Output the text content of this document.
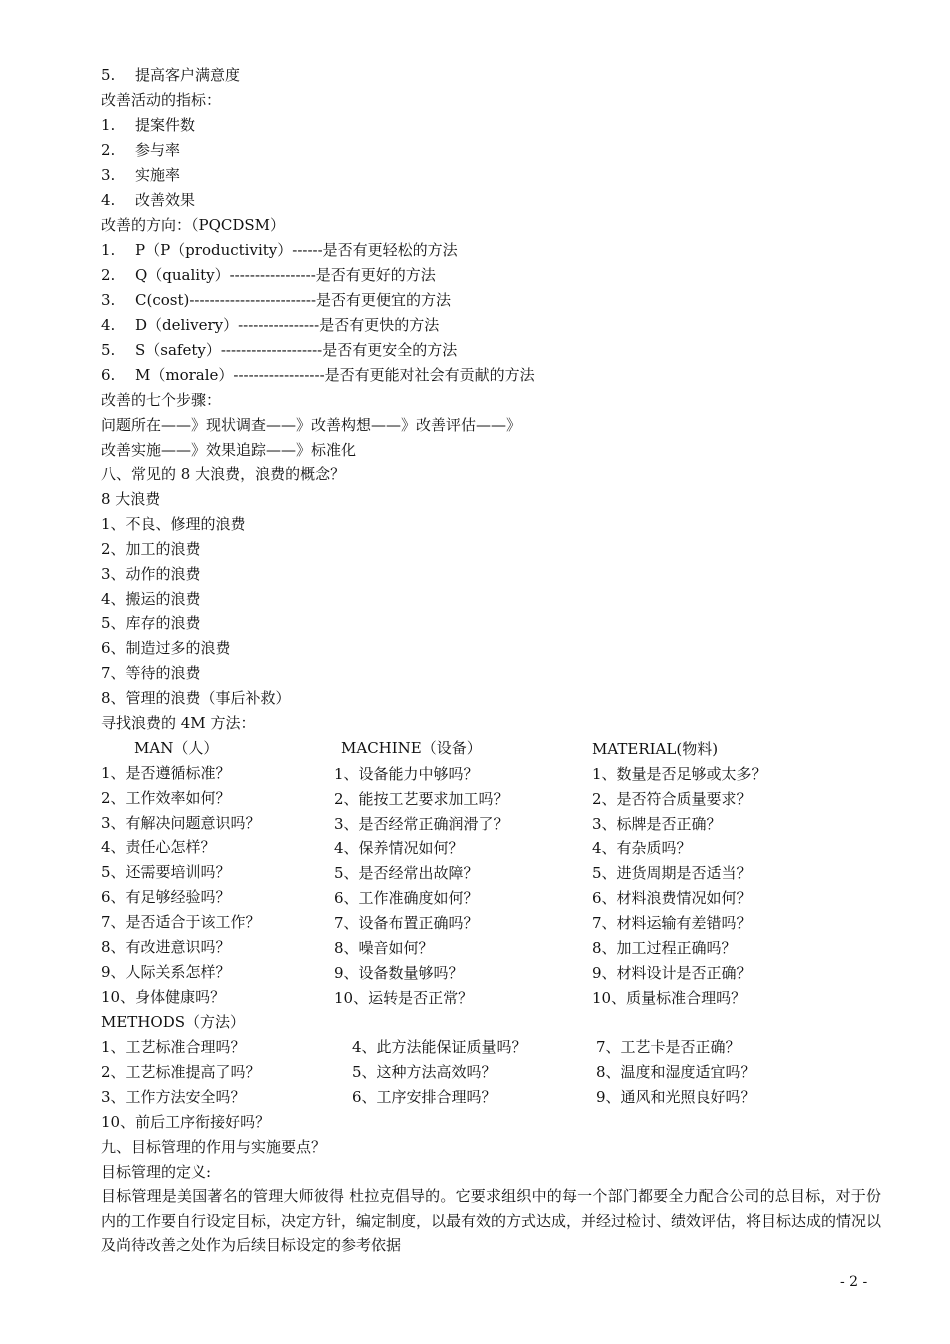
5. 提高客户满意度
改善活动的指标：
1. 提案件数
2. 参与率
3. 实施率
4. 改善效果
改善的方向：（PQCDSM）
1. P（P（productivity）------是否有更轻松的方法
2. Q（quality）-----------------是否有更好的方法
3. C(cost)-------------------------是否有更便宜的方法
4. D（delivery）----------------是否有更快的方法
5. S（safety）--------------------是否有更安全的方法
6. M（morale）------------------是否有更能对社会有贡献的方法
改善的七个步骤：
问题所在——》现状调查——》改善构想——》改善评估——》
改善实施——》效果追踪——》标准化
八、常见的 8 大浪费，浪费的概念？
8 大浪费
1、不良、修理的浪费
2、加工的浪费
3、动作的浪费
4、搬运的浪费
5、库存的浪费
6、制造过多的浪费
7、等待的浪费
8、管理的浪费（事后补救）
寻找浪费的 4M 方法：
MAN（人）	MACHINE（设备）	MATERIAL(物料)
1、是否遵循标准？
2、工作效率如何？
3、有解决问题意识吗？
4、责任心怎样？
5、还需要培训吗？
6、有足够经验吗？
7、是否适合于该工作？
8、有改进意识吗？
9、人际关系怎样？
10、身体健康吗？
1、设备能力中够吗？
2、能按工艺要求加工吗？
3、是否经常正确润滑了？
4、保养情况如何？
5、是否经常出故障？
6、工作准确度如何？
7、设备布置正确吗？
8、噪音如何？
9、设备数量够吗？
10、运转是否正常？
1、数量是否足够或太多？
2、是否符合质量要求？
3、标牌是否正确？
4、有杂质吗？
5、进货周期是否适当？
6、材料浪费情况如何？
7、材料运输有差错吗？
8、加工过程正确吗？
9、材料设计是否正确？
10、质量标准合理吗？
METHODS（方法）
1、工艺标准合理吗？
2、工艺标准提高了吗？
3、工作方法安全吗？
4、此方法能保证质量吗？
5、这种方法高效吗？
6、工序安排合理吗？
7、工艺卡是否正确？
8、温度和湿度适宜吗？
9、通风和光照良好吗？
10、前后工序衔接好吗？
九、目标管理的作用与实施要点？
目标管理的定义:
目标管理是美国著名的管理大师彼得 杜拉克倡导的。它要求组织中的每一个部门都要全力配合公司的总目标，对于份内的工作要自行设定目标，决定方针，编定制度，以最有效的方式达成，并经过检讨、绩效评估，将目标达成的情况以及尚待改善之处作为后续目标设定的参考依据
- 2 -
